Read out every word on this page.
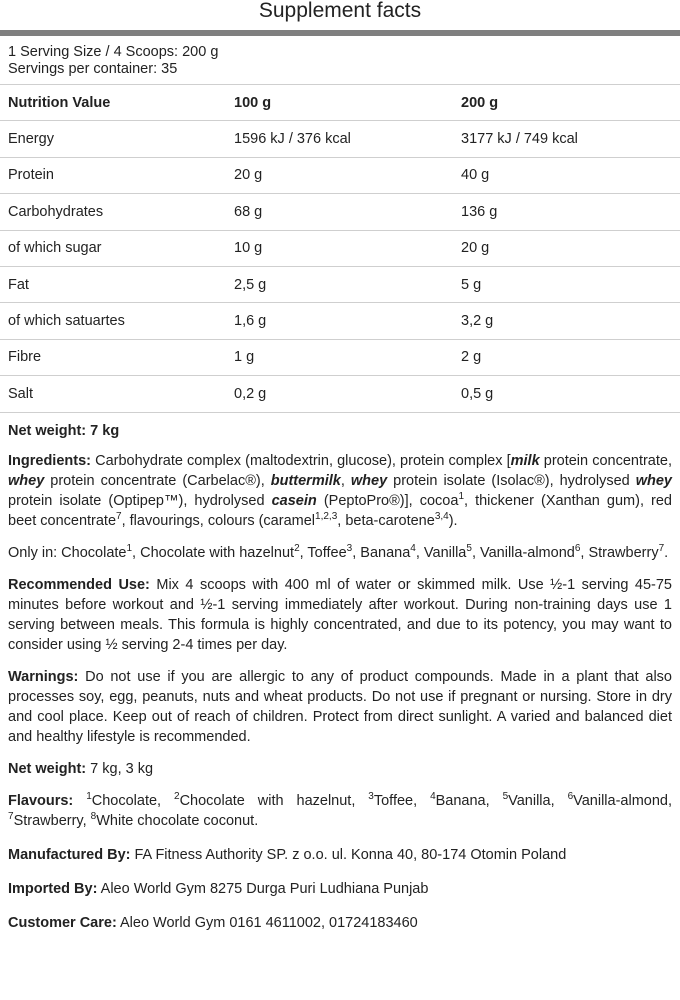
Supplement facts
1 Serving Size / 4 Scoops: 200 g
Servings per container: 35
Nutrition Value	100 g	200 g
Energy	1596 kJ / 376 kcal	3177 kJ / 749 kcal
Protein	20 g	40 g
Carbohydrates	68 g	136 g
of which sugar	10 g	20 g
Fat	2,5 g	5 g
of which satuartes	1,6 g	3,2 g
Fibre	1 g	2 g
Salt	0,2 g	0,5 g
Net weight: 7 kg
Ingredients: Carbohydrate complex (maltodextrin, glucose), protein complex [milk protein concentrate, whey protein concentrate (Carbelac®), buttermilk, whey protein isolate (Isolac®), hydrolysed whey protein isolate (Optipep™), hydrolysed casein (PeptoPro®)], cocoa$^1$, thickener (Xanthan gum), red beet concentrate$^7$, flavourings, colours (caramel$^{1,2,3}$, beta-carotene$^{3,4}$).
Only in: Chocolate$^1$, Chocolate with hazelnut$^2$, Toffee$^3$, Banana$^4$, Vanilla$^5$, Vanilla-almond$^6$, Strawberry$^7$.
Recommended Use: Mix 4 scoops with 400 ml of water or skimmed milk. Use ½-1 serving 45-75 minutes before workout and ½-1 serving immediately after workout. During non-training days use 1 serving between meals. This formula is highly concentrated, and due to its potency, you may want to consider using ½ serving 2-4 times per day.
Warnings: Do not use if you are allergic to any of product compounds. Made in a plant that also processes soy, egg, peanuts, nuts and wheat products. Do not use if pregnant or nursing. Store in dry and cool place. Keep out of reach of children. Protect from direct sunlight. A varied and balanced diet and healthy lifestyle is recommended.
Net weight: 7 kg, 3 kg
Flavours: $^1$Chocolate, $^2$Chocolate with hazelnut, $^3$Toffee, $^4$Banana, $^5$Vanilla, $^6$Vanilla-almond, $^7$Strawberry, $^8$White chocolate coconut.
Manufactured By: FA Fitness Authority SP. z o.o. ul. Konna 40, 80-174 Otomin Poland
Imported By: Aleo World Gym 8275 Durga Puri Ludhiana Punjab
Customer Care: Aleo World Gym 0161 4611002, 01724183460
